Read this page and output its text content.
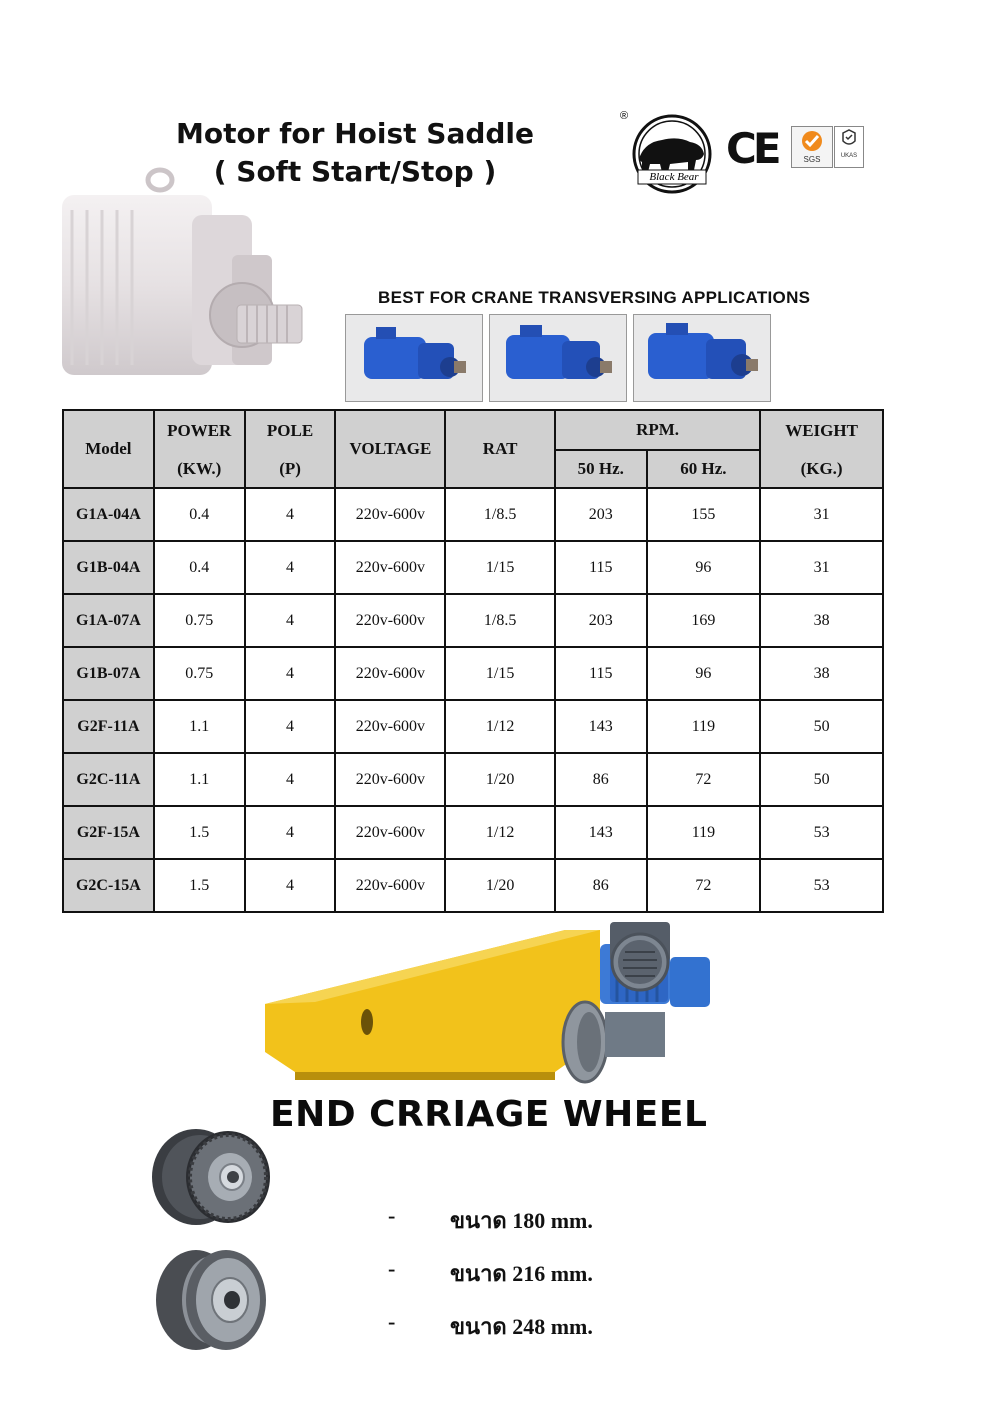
Motor for Hoist Saddle
( Soft Start/Stop )
®
Black Bear
CE	SGS	UKAS
BEST FOR CRANE TRANSVERSING APPLICATIONS
Model	POWER	POLE	VOLTAGE	RAT	RPM.		WEIGHT
	(KW.)	(P)			50 Hz.	60 Hz.	(KG.)
G1A-04A	0.4	4	220v-600v	1/8.5	203	155	31
G1B-04A	0.4	4	220v-600v	1/15	115	96	31
G1A-07A	0.75	4	220v-600v	1/8.5	203	169	38
G1B-07A	0.75	4	220v-600v	1/15	115	96	38
G2F-11A	1.1	4	220v-600v	1/12	143	119	50
G2C-11A	1.1	4	220v-600v	1/20	86	72	50
G2F-15A	1.5	4	220v-600v	1/12	143	119	53
G2C-15A	1.5	4	220v-600v	1/20	86	72	53
END CRRIAGE WHEEL
- ขนาด 180 mm.
- ขนาด 216 mm.
- ขนาด 248 mm.
